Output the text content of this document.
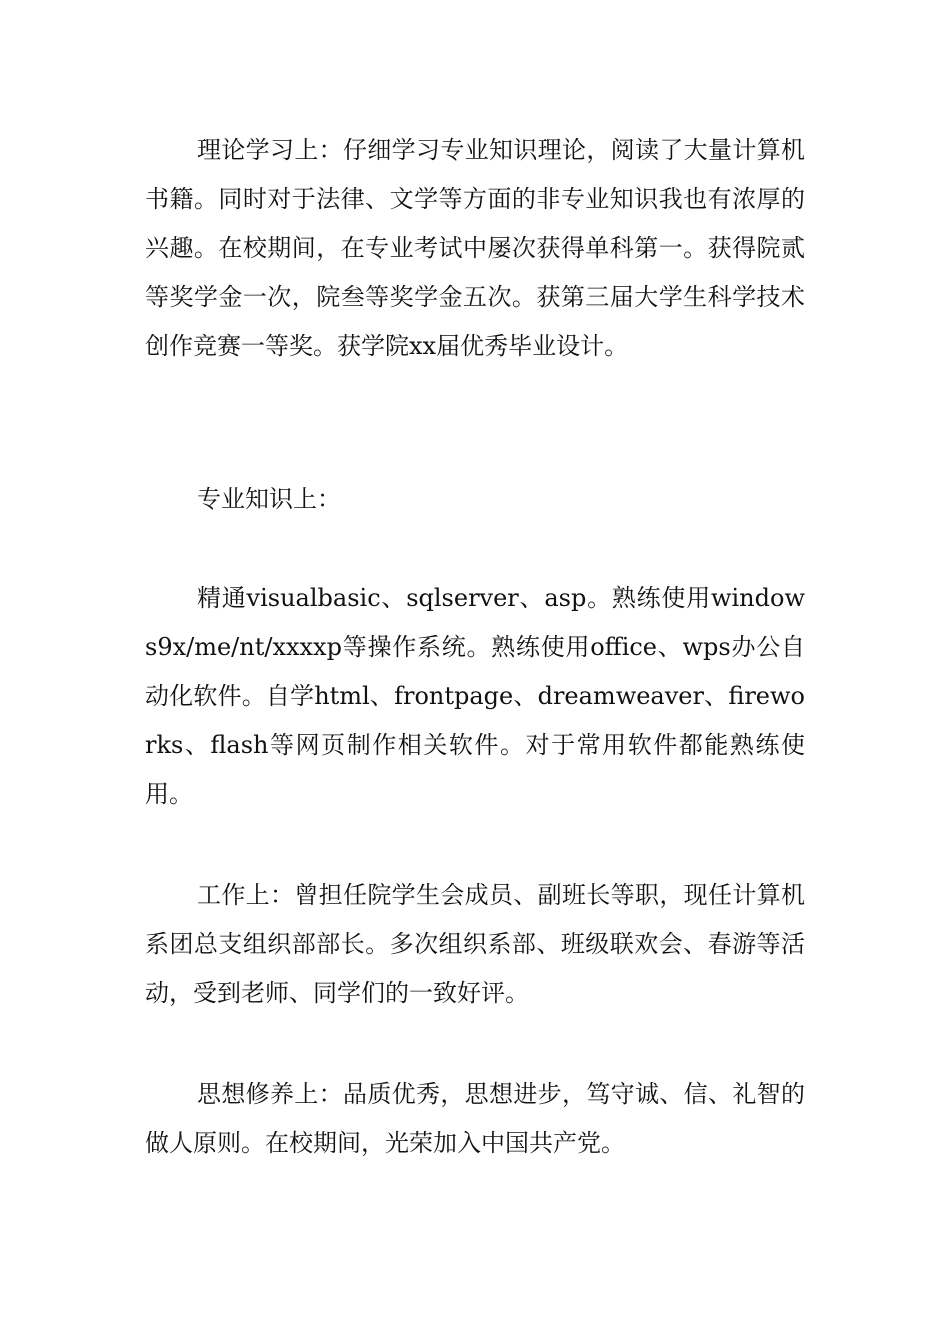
理论学习上：仔细学习专业知识理论，阅读了大量计算机书籍。同时对于法律、文学等方面的非专业知识我也有浓厚的兴趣。在校期间，在专业考试中屡次获得单科第一。获得院贰等奖学金一次，院叁等奖学金五次。获第三届大学生科学技术创作竞赛一等奖。获学院xx届优秀毕业设计。

专业知识上：

精通visualbasic、sqlserver、asp。熟练使用windows9x/me/nt/xxxxp等操作系统。熟练使用office、wps办公自动化软件。自学html、frontpage、dreamweaver、fireworks、flash等网页制作相关软件。对于常用软件都能熟练使用。

工作上：曾担任院学生会成员、副班长等职，现任计算机系团总支组织部部长。多次组织系部、班级联欢会、春游等活动，受到老师、同学们的一致好评。

思想修养上：品质优秀，思想进步，笃守诚、信、礼智的做人原则。在校期间，光荣加入中国共产党。
